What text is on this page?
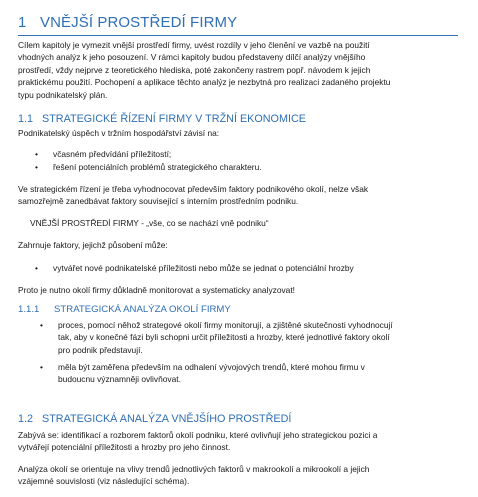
1 VNĚJŠÍ PROSTŘEDÍ FIRMY
Cílem kapitoly je vymezit vnější prostředí firmy, uvést rozdíly v jeho členění ve vazbě na použití
vhodných analýz k jeho posouzení. V rámci kapitoly budou představeny dílčí analýzy vnějšího
prostředí, vždy nejprve z teoretického hlediska, poté zakončeny rastrem popř. návodem k jejich
praktickému použití. Pochopení a aplikace těchto analýz je nezbytná pro realizaci zadaného projektu
typu podnikatelský plán.
1.1 STRATEGICKÉ ŘÍZENÍ FIRMY V TRŽNÍ EKONOMICE
Podnikatelský úspěch v tržním hospodářství závisí na:
• včasném předvídání příležitostí;
• řešení potenciálních problémů strategického charakteru.
Ve strategickém řízení je třeba vyhodnocovat především faktory podnikového okolí, nelze však
samozřejmě zanedbávat faktory související s interním prostředním podniku.
VNĚJŠÍ PROSTŘEDÍ FIRMY - „vše, co se nachází vně podniku“
Zahrnuje faktory, jejichž působení může:
• vytvářet nové podnikatelské příležitosti nebo může se jednat o potenciální hrozby
Proto je nutno okolí firmy důkladně monitorovat a systematicky analyzovat!
1.1.1 STRATEGICKÁ ANALÝZA OKOLÍ FIRMY
• proces, pomocí něhož strategové okolí firmy monitorují, a zjištěné skutečnosti vyhodnocují
tak, aby v konečné fázi byli schopni určit příležitosti a hrozby, které jednotlivé faktory okolí
pro podnik představují.
• měla být zaměřena především na odhalení vývojových trendů, které mohou firmu v
budoucnu významněji ovlivňovat.
1.2 STRATEGICKÁ ANALÝZA VNĚJŠÍHO PROSTŘEDÍ
Zabývá se: identifikací a rozborem faktorů okolí podniku, které ovlivňují jeho strategickou pozici a
vytvářejí potenciální příležitosti a hrozby pro jeho činnost.
Analýza okolí se orientuje na vlivy trendů jednotlivých faktorů v makrookolí a mikrookolí a jejich
vzájemné souvislosti (viz následující schéma).
